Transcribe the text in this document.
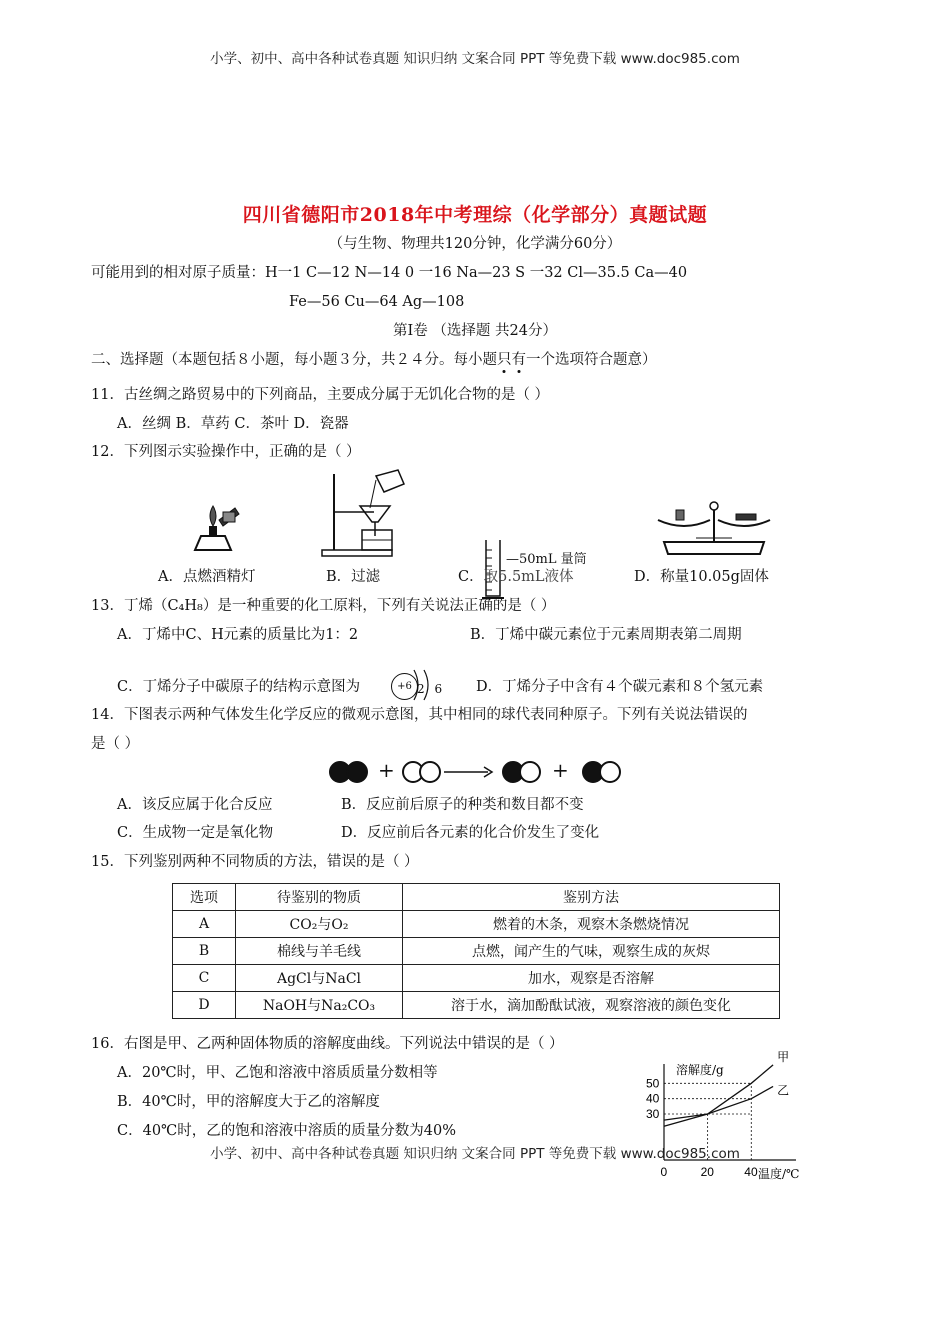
小学、初中、高中各种试卷真题 知识归纳 文案合同 PPT 等免费下载 www.doc985.com
四川省德阳市2018年中考理综（化学部分）真题试题
（与生物、物理共120分钟，化学满分60分）
可能用到的相对原子质量：H一1 C—12 N—14 0 一16 Na—23 S 一32 Cl—35.5 Ca—40
Fe—56 Cu—64 Ag—108
第Ⅰ卷 （选择题 共24分）
二、选择题（本题包括８小题，每小题３分，共２４分。每小题只有一个选项符合题意）
11．古丝绸之路贸易中的下列商品，主要成分属于无饥化合物的是（ ）
A．丝绸 B．草药 C．茶叶 D．瓷器
12．下列图示实验操作中，正确的是（ ）
—50mL 量筒
A．点燃酒精灯	B．过滤	C．取5.5mL液体	D．称量10.05g固体
13．丁烯（C₄H₈）是一种重要的化工原料，下列有关说法正确的是（ ）
A．丁烯中C、H元素的质量比为1：2	B．丁烯中碳元素位于元素周期表第二周期
C．丁烯分子中碳原子的结构示意图为	+6 2 6 D．丁烯分子中含有４个碳元素和８个氢元素
14．下图表示两种气体发生化学反应的微观示意图，其中相同的球代表同种原子。下列有关说法错误的
是（ ）
+	+
A．该反应属于化合反应	B．反应前后原子的种类和数目都不变
C．生成物一定是氧化物	D．反应前后各元素的化合价发生了变化
15．下列鉴别两种不同物质的方法，错误的是（ ）
选项	待鉴别的物质	鉴别方法
A	CO₂与O₂	燃着的木条，观察木条燃烧情况
B	棉线与羊毛线	点燃，闻产生的气味，观察生成的灰烬
C	AgCl与NaCl	加水，观察是否溶解
D	NaOH与Na₂CO₃	溶于水，滴加酚酞试液，观察溶液的颜色变化
16．右图是甲、乙两种固体物质的溶解度曲线。下列说法中错误的是（ ）
A．20℃时，甲、乙饱和溶液中溶质质量分数相等
B．40℃时，甲的溶解度大于乙的溶解度
C．40℃时，乙的饱和溶液中溶质的质量分数为40%
溶解度/g
温度/℃
甲
乙
50
40
30
0	20	40
小学、初中、高中各种试卷真题 知识归纳 文案合同 PPT 等免费下载 www.doc985.com
